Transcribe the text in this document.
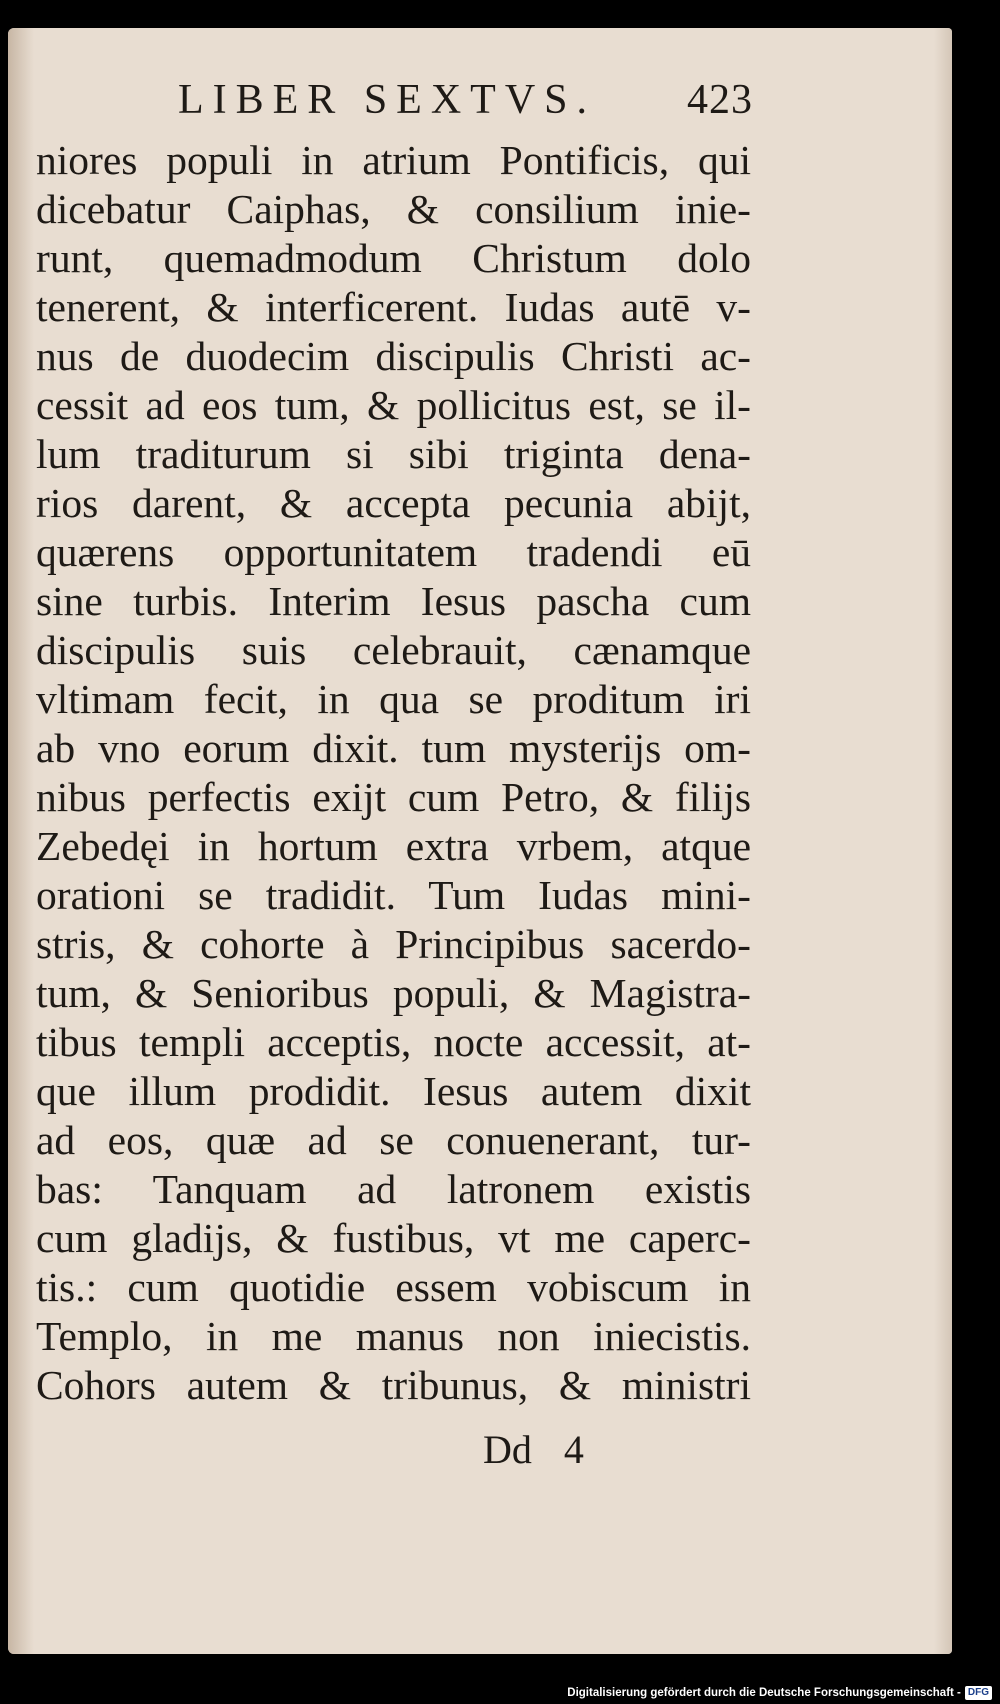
LIBER SEXTVS. 423
niores populi in atrium Pontificis, qui
dicebatur Caiphas, & consilium inie-
runt, quemadmodum Christum dolo
tenerent, & interficerent. Iudas autē v-
nus de duodecim discipulis Christi ac-
cessit ad eos tum, & pollicitus est, se il-
lum traditurum si sibi triginta dena-
rios darent, & accepta pecunia abijt,
quærens opportunitatem tradendi eū
sine turbis. Interim Iesus pascha cum
discipulis suis celebrauit, cænamque
vltimam fecit, in qua se proditum iri
ab vno eorum dixit. tum mysterijs om-
nibus perfectis exijt cum Petro, & filijs
Zebedęi in hortum extra vrbem, atque
orationi se tradidit. Tum Iudas mini-
stris, & cohorte à Principibus sacerdo-
tum, & Senioribus populi, & Magistra-
tibus templi acceptis, nocte accessit, at-
que illum prodidit. Iesus autem dixit
ad eos, quæ ad se conuenerant, tur-
bas: Tanquam ad latronem existis
cum gladijs, & fustibus, vt me caperc-
tis.: cum quotidie essem vobiscum in
Templo, in me manus non iniecistis.
Cohors autem & tribunus, & ministri
Dd 4
Digitalisierung gefördert durch die Deutsche Forschungsgemeinschaft - DFG
